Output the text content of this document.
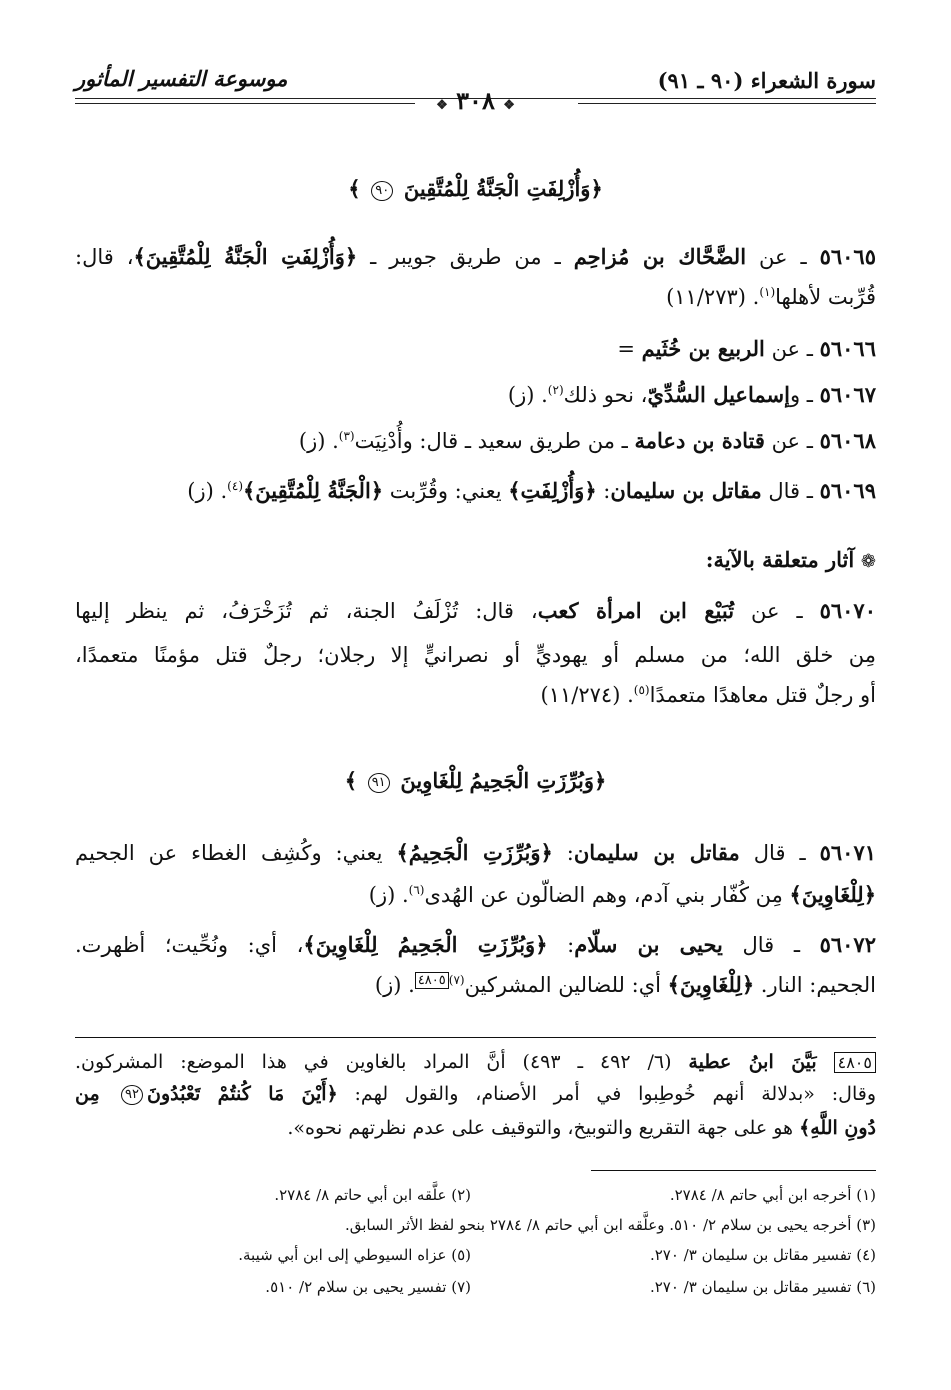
سورة الشعراء (٩٠ ـ ٩١)
موسوعة التفسير المأثور
❖ ٣٠٨ ❖
﴿وَأُزْلِفَتِ الْجَنَّةُ لِلْمُتَّقِينَ ٩٠ ﴾
٥٦٠٦٥ ـ عن الضَّحَّاك بن مُزاحِم ـ من طريق جويبر ـ ﴿وَأُزْلِفَتِ الْجَنَّةُ لِلْمُتَّقِينَ﴾، قال:
قُرِّبت لأهلها$^{(١)}$. (١١/٢٧٣)
٥٦٠٦٦ ـ عن الربيع بن خُثَيم =
٥٦٠٦٧ ـ وإسماعيل السُّدِّيّ، نحو ذلك$^{(٢)}$. (ز)
٥٦٠٦٨ ـ عن قتادة بن دعامة ـ من طريق سعيد ـ قال: وأُدْنِيَت$^{(٣)}$. (ز)
٥٦٠٦٩ ـ قال مقاتل بن سليمان: ﴿وَأُزْلِفَتِ﴾ يعني: وقُرِّبت ﴿الْجَنَّةُ لِلْمُتَّقِينَ﴾$^{(٤)}$. (ز)
❁ آثار متعلقة بالآية:
٥٦٠٧٠ ـ عن تُبَيْع ابن امرأة كعب، قال: تُزْلَفُ الجنة، ثم تُزَخْرَفُ، ثم ينظر إليها
مِن خلق الله؛ من مسلم أو يهوديٍّ أو نصرانيٍّ إلا رجلان؛ رجلٌ قتل مؤمنًا متعمدًا،
أو رجلٌ قتل معاهدًا متعمدًا$^{(٥)}$. (١١/٢٧٤)
﴿وَبُرِّزَتِ الْجَحِيمُ لِلْغَاوِينَ ٩١ ﴾
٥٦٠٧١ ـ قال مقاتل بن سليمان: ﴿وَبُرِّزَتِ الْجَحِيمُ﴾ يعني: وكُشِف الغطاء عن الجحيم
﴿لِلْغَاوِينَ﴾ مِن كُفّار بني آدم، وهم الضالّون عن الهُدى$^{(٦)}$. (ز)
٥٦٠٧٢ ـ قال يحيى بن سلّام: ﴿وَبُرِّزَتِ الْجَحِيمُ لِلْغَاوِينَ﴾، أي: ونُحِّيت؛ أظهرت.
الجحيم: النار. ﴿لِلْغَاوِينَ﴾ أي: للضالين المشركين$^{(٧)٤٨٠٥}$. (ز)
٤٨٠٥ بَيَّنَ ابنُ عطية (٦/ ٤٩٢ ـ ٤٩٣) أنَّ المراد بالغاوين في هذا الموضع: المشركون.
وقال: «بدلالة أنهم خُوطِبوا في أمر الأصنام، والقول لهم: ﴿أَيْنَ مَا كُنتُمْ تَعْبُدُونَ٩٢ مِن
دُونِ اللَّهِ﴾ هو على جهة التقريع والتوبيخ، والتوقيف على عدم نظرتهم نحوه».
(١) أخرجه ابن أبي حاتم ٨/ ٢٧٨٤.
(٢) علَّقه ابن أبي حاتم ٨/ ٢٧٨٤.
(٣) أخرجه يحيى بن سلام ٢/ ٥١٠. وعلَّقه ابن أبي حاتم ٨/ ٢٧٨٤ بنحو لفظ الأثر السابق.
(٤) تفسير مقاتل بن سليمان ٣/ ٢٧٠.
(٥) عزاه السيوطي إلى ابن أبي شيبة.
(٦) تفسير مقاتل بن سليمان ٣/ ٢٧٠.
(٧) تفسير يحيى بن سلام ٢/ ٥١٠.
